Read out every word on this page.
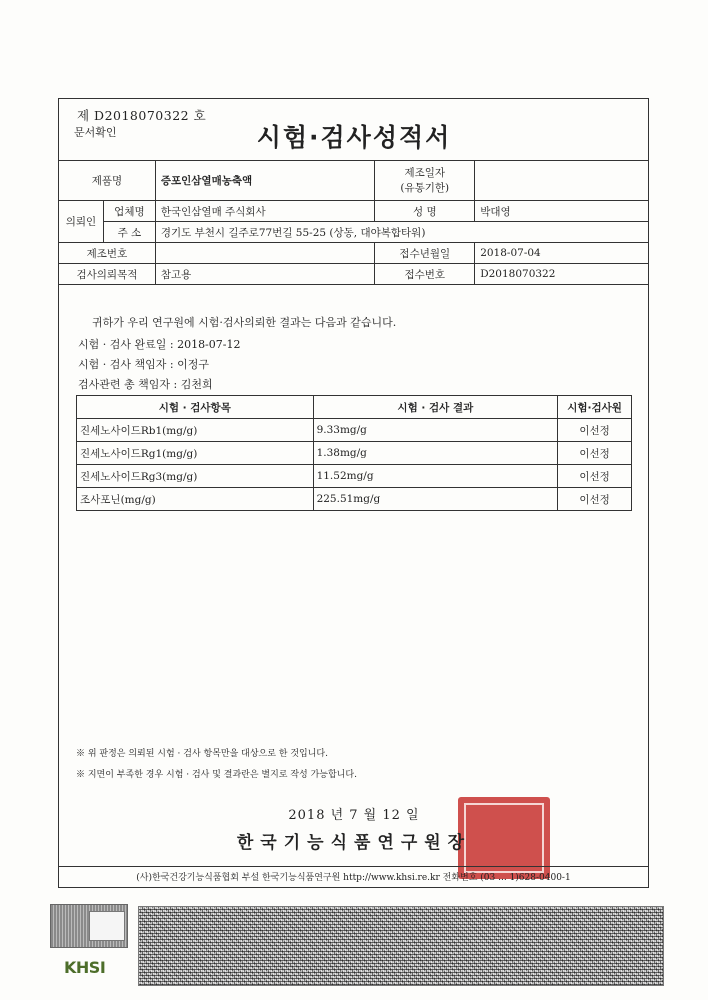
제 D2018070322 호
문서확인	시험·검사성적서
제품명		증포인삼열매농축액	제조일자
(유통기한)	
의뢰인	업체명	한국인삼열매 주식회사	성 명	박대영
	주 소	경기도 부천시 길주로77번길 55-25 (상동, 대야복합타워)		
제조번호			접수년월일	2018-07-04
검사의뢰목적		참고용	접수번호	D2018070322
귀하가 우리 연구원에 시험·검사의뢰한 결과는 다음과 같습니다.
시험 · 검사 완료일 : 2018-07-12
시험 · 검사 책임자 : 이정구
검사관련 총 책임자 : 김천희
시험 · 검사항목	시험 · 검사 결과	시험·검사원
진세노사이드Rb1(mg/g)	9.33mg/g	이선정
진세노사이드Rg1(mg/g)	1.38mg/g	이선정
진세노사이드Rg3(mg/g)	11.52mg/g	이선정
조사포닌(mg/g)	225.51mg/g	이선정
※ 위 판정은 의뢰된 시험 · 검사 항목만을 대상으로 한 것입니다.
※ 지면이 부족한 경우 시험 · 검사 및 결과란은 별지로 작성 가능합니다.
2018 년 7 월 12 일
한국기능식품연구원장
(사)한국건강기능식품협회 부설 한국기능식품연구원 http://www.khsi.re.kr 전화번호 (03 ... 1)628-0400-1
KHSI
